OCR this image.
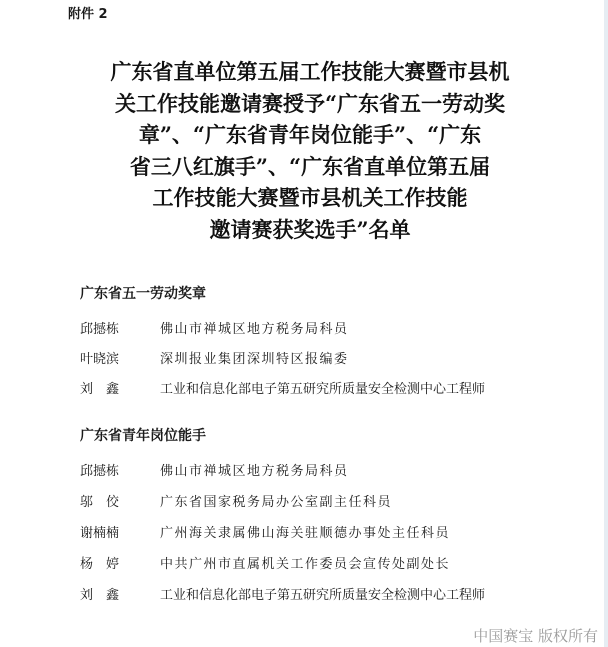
附件 2
广东省直单位第五届工作技能大赛暨市县机
关工作技能邀请赛授予“广东省五一劳动奖
章”、“广东省青年岗位能手”、“广东
省三八红旗手”、“广东省直单位第五届
工作技能大赛暨市县机关工作技能
邀请赛获奖选手”名单
广东省五一劳动奖章
邱撼栋	佛山市禅城区地方税务局科员
叶晓滨	深圳报业集团深圳特区报编委
刘　鑫	工业和信息化部电子第五研究所质量安全检测中心工程师
广东省青年岗位能手
邱撼栋	佛山市禅城区地方税务局科员
邬　佼	广东省国家税务局办公室副主任科员
谢楠楠	广州海关隶属佛山海关驻顺德办事处主任科员
杨　婷	中共广州市直属机关工作委员会宣传处副处长
刘　鑫	工业和信息化部电子第五研究所质量安全检测中心工程师
中国赛宝 版权所有
